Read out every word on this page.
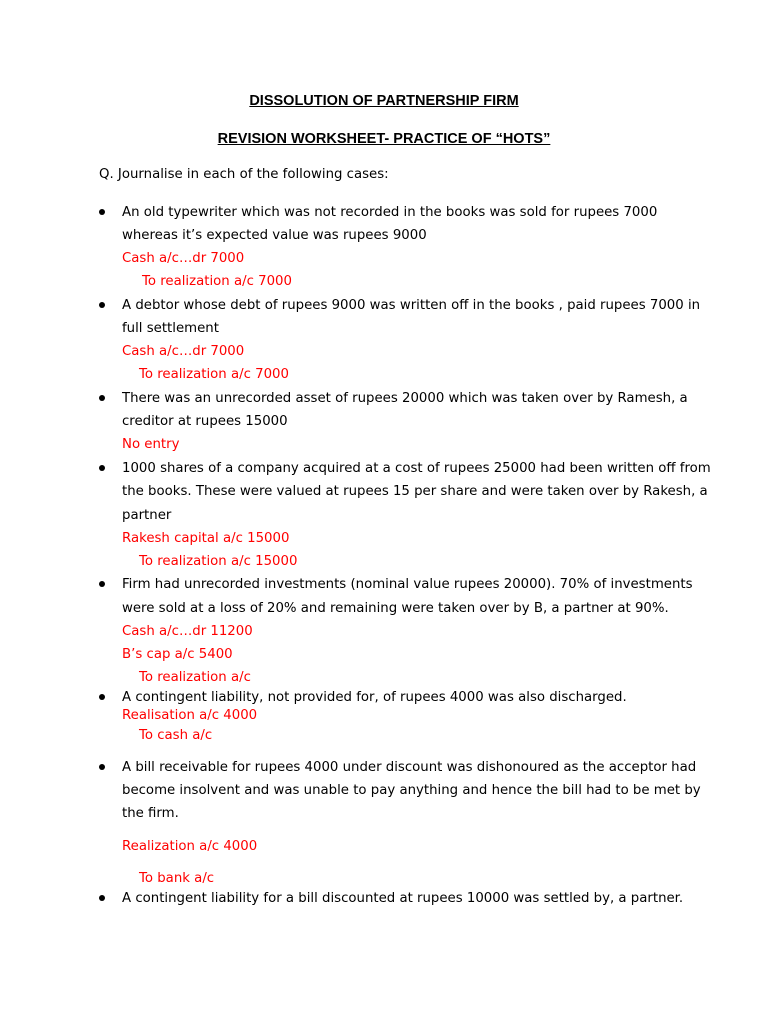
DISSOLUTION OF PARTNERSHIP FIRM
REVISION WORKSHEET- PRACTICE OF “HOTS”
Q. Journalise in each of the following cases:
An old typewriter which was not recorded in the books was sold for rupees 7000
whereas it’s expected value was rupees 9000
Cash a/c…dr 7000
To realization a/c 7000
A debtor whose debt of rupees 9000 was written off in the books , paid rupees 7000 in
full settlement
Cash a/c…dr 7000
To realization a/c 7000
There was an unrecorded asset of rupees 20000 which was taken over by Ramesh, a
creditor at rupees 15000
No entry
1000 shares of a company acquired at a cost of rupees 25000 had been written off from
the books. These were valued at rupees 15 per share and were taken over by Rakesh, a
partner
Rakesh capital a/c 15000
To realization a/c 15000
Firm had unrecorded investments (nominal value rupees 20000). 70% of investments
were sold at a loss of 20% and remaining were taken over by B, a partner at 90%.
Cash a/c…dr 11200
B’s cap a/c 5400
To realization a/c
A contingent liability, not provided for, of rupees 4000 was also discharged.
Realisation a/c 4000
To cash a/c
A bill receivable for rupees 4000 under discount was dishonoured as the acceptor had
become insolvent and was unable to pay anything and hence the bill had to be met by
the firm.
Realization a/c 4000
To bank a/c
A contingent liability for a bill discounted at rupees 10000 was settled by, a partner.
